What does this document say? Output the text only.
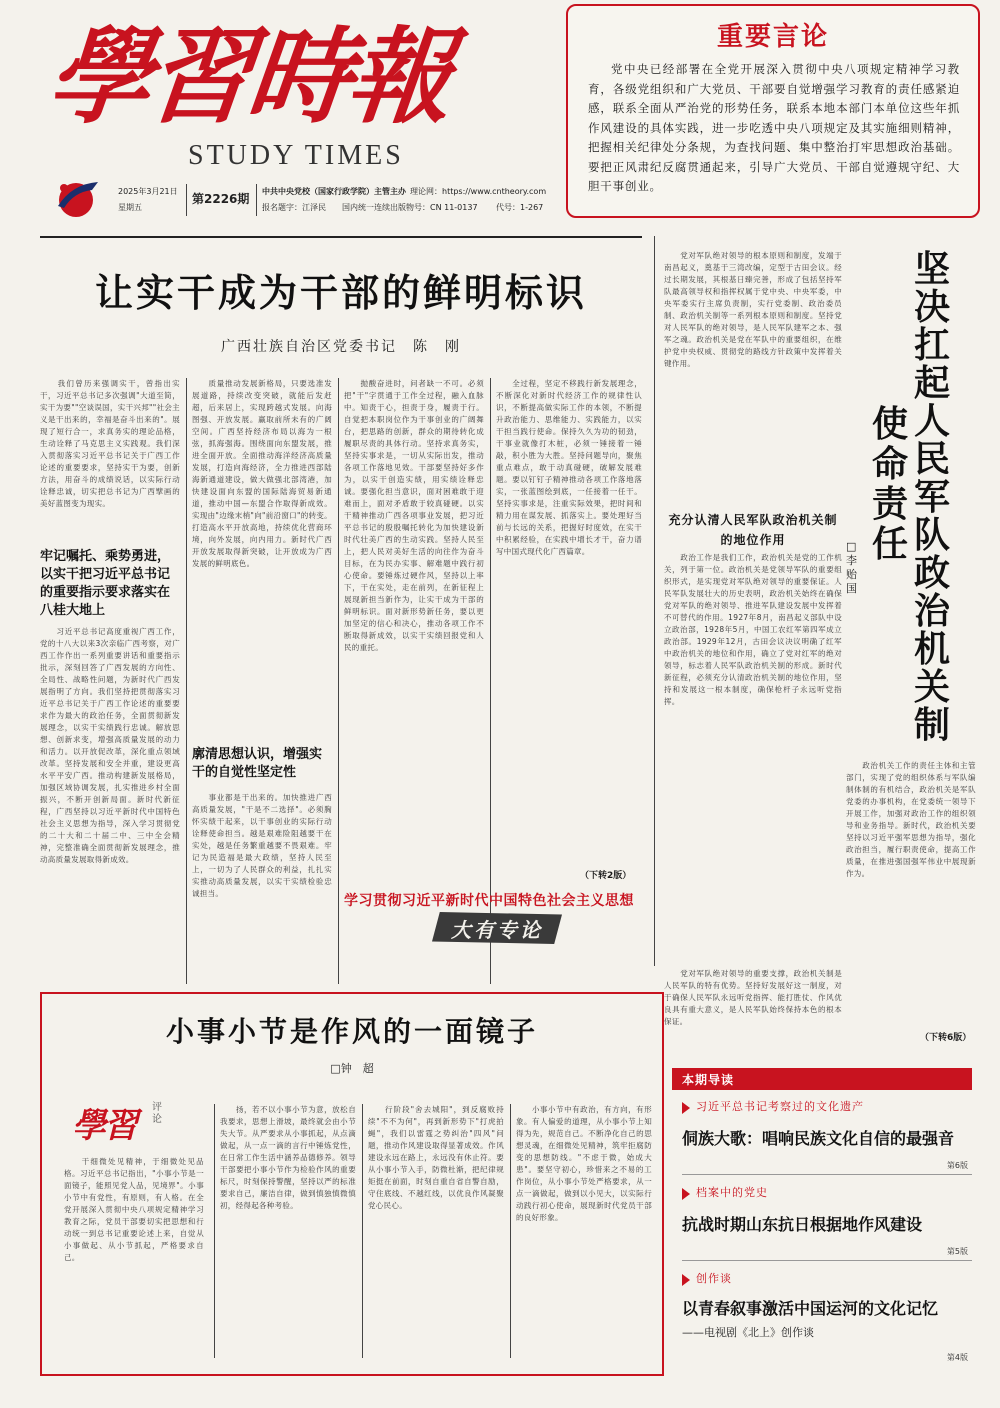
學習時報
STUDY TIMES
2025年3月21日
星期五
第2226期
中共中央党校（国家行政学院）主管主办 理论网：https://www.cntheory.com
报名题字：江泽民 国内统一连续出版物号：CN 11-0137 代号：1-267
重要言论
党中央已经部署在全党开展深入贯彻中央八项规定精神学习教育，各级党组织和广大党员、干部要自觉增强学习教育的责任感紧迫感，联系全面从严治党的形势任务，联系本地本部门本单位这些年抓作风建设的具体实践，进一步吃透中央八项规定及其实施细则精神，把握相关纪律处分条规，为查找问题、集中整治打牢思想政治基础。要把正风肃纪反腐贯通起来，引导广大党员、干部自觉遵规守纪、大胆干事创业。
让实干成为干部的鲜明标识
广西壮族自治区党委书记　陈　刚
　　我们曾历来强调实干，曾指出实干，习近平总书记多次强调"大道至简，实干为要""空谈误国，实干兴邦""社会主义是干出来的，幸福是奋斗出来的"。展现了短行合一，求真务实的理论品格，生动诠释了马克思主义实践观。我们深入贯彻落实习近平总书记关于广西工作论述的重要要求，坚持实干为要，创新方法，用奋斗的成绩说话，以实际行动诠释忠诚，切实把总书记为广西擘画的美好蓝图变为现实。
牢记嘱托、乘势勇进，以实干把习近平总书记的重要指示要求落实在八桂大地上
　　习近平总书记高度重视广西工作，党的十八大以来3次亲临广西考察，对广西工作作出一系列重要讲话和重要指示批示，深刻回答了广西发展的方向性、全局性、战略性问题，为新时代广西发展指明了方向。我们坚持把贯彻落实习近平总书记关于广西工作论述的重要要求作为最大的政治任务，全面贯彻新发展理念，以实干实绩践行忠诚。解放思想、创新求变，增强高质量发展的动力和活力。以开放促改革，深化重点领域改革。坚持发展和安全并重，建设更高水平平安广西。推动构建新发展格局，加强区域协调发展，扎实推进乡村全面振兴，不断开创新局面。新时代新征程，广西坚持以习近平新时代中国特色社会主义思想为指导，深入学习贯彻党的二十大和二十届二中、三中全会精神，完整准确全面贯彻新发展理念，推动高质量发展取得新成效。
　　质量推动发展新格局，只要选准发展道路，持续改变突破，就能后发赶超，后来居上，实现跨越式发展。向海图强、开放发展。赢取前所未有的广阔空间。广西坚持经济布局以海为一根弦，抓海强海。围绕面向东盟发展，推进全面开放。全面推动海洋经济高质量发展，打造向海经济，全力推进西部陆海新通道建设，做大做强北部湾港，加快建设面向东盟的国际陆海贸易新通道，推动中国—东盟合作取得新成效。实现由"边缘末梢"向"前沿窗口"的转变。打造高水平开放高地，持续优化营商环境，向外发展，向内用力。新时代广西开放发展取得新突破，让开放成为广西发展的鲜明底色。
廓清思想认识，增强实干的自觉性坚定性
　　事业都是干出来的。加快推进广西高质量发展，"干是不二选择"。必须胸怀实绩干起来，以干事创业的实际行动诠释使命担当。越是艰难险阻越要干在实处，越是任务繁重越要不畏艰难。牢记为民造福是最大政绩，坚持人民至上，一切为了人民群众的利益，扎扎实实推动高质量发展，以实干实绩检验忠诚担当。
　　抛酸奋进时，问者缺一不可。必须把"干"字贯通于工作全过程，融入血脉中。知责于心，担责于身，履责于行。自觉把本职岗位作为干事创业的广阔舞台，把思路的创新，群众的期待转化成履职尽责的具体行动。坚持求真务实，坚持实事求是，一切从实际出发，推动各项工作落地见效。干部要坚持好多作为，以实干创造实绩，用实绩诠释忠诚。要强化担当意识，面对困难敢于迎难而上，面对矛盾敢于较真碰硬。以实干精神推动广西各项事业发展，把习近平总书记的殷殷嘱托转化为加快建设新时代壮美广西的生动实践。坚持人民至上，把人民对美好生活的向往作为奋斗目标，在为民办实事、解难题中践行初心使命。要锤炼过硬作风，坚持以上率下，干在实处，走在前列，在新征程上展现新担当新作为，让实干成为干部的鲜明标识。面对新形势新任务，要以更加坚定的信心和决心，推动各项工作不断取得新成效，以实干实绩回报党和人民的重托。
　　全过程，坚定不移践行新发展理念，不断深化对新时代经济工作的规律性认识，不断提高做实际工作的本领，不断提升政治能力、思维能力、实践能力，以实干担当践行使命。保持久久为功的韧劲，干事业就像打木桩，必须一锤接着一锤敲，积小胜为大胜。坚持问题导向，聚焦重点难点，敢于动真碰硬，破解发展难题。要以钉钉子精神推动各项工作落地落实，一张蓝图绘到底，一任接着一任干。坚持实事求是，注重实际效果，把时间和精力用在谋发展、抓落实上。要处理好当前与长远的关系，把握好时度效，在实干中积累经验，在实践中增长才干，奋力谱写中国式现代化广西篇章。
（下转2版）
学习贯彻习近平新时代中国特色社会主义思想
大有专论
　　党对军队绝对领导的根本原则和制度，发端于南昌起义，奠基于三湾改编，定型于古田会议。经过长期发展，其根基日臻完善，形成了包括坚持军队最高领导权和指挥权属于党中央、中央军委，中央军委实行主席负责制，实行党委制、政治委员制、政治机关制等一系列根本原则和制度。坚持党对人民军队的绝对领导，是人民军队建军之本、强军之魂。政治机关是党在军队中的重要组织，在维护党中央权威、贯彻党的路线方针政策中发挥着关键作用。
充分认清人民军队政治机关制的地位作用
　　政治工作是我们工作，政治机关是党的工作机关，列于第一位。政治机关是党领导军队的重要组织形式，是实现党对军队绝对领导的重要保证。人民军队发展壮大的历史表明，政治机关始终在确保党对军队的绝对领导、推进军队建设发展中发挥着不可替代的作用。1927年8月，南昌起义部队中设立政治部，1928年5月，中国工农红军第四军成立政治部。1929年12月，古田会议决议明确了红军中政治机关的地位和作用，确立了党对红军的绝对领导，标志着人民军队政治机关制的形成。新时代新征程，必须充分认清政治机关制的地位作用，坚持和发展这一根本制度，确保枪杆子永远听党指挥。
坚决扛起人民军队政治机关制
使命责任
□李贻国
　　政治机关工作的责任主体和主管部门，实现了党的组织体系与军队编制体制的有机结合，政治机关是军队党委的办事机构，在党委统一领导下开展工作，加强对政治工作的组织领导和业务指导。新时代，政治机关要坚持以习近平强军思想为指导，强化政治担当，履行职责使命，提高工作质量，在推进强国强军伟业中展现新作为。
（下转6版）
　　党对军队绝对领导的重要支撑，政治机关制是人民军队的特有优势。坚持好发展好这一制度，对于确保人民军队永远听党指挥、能打胜仗、作风优良具有重大意义，是人民军队始终保持本色的根本保证。
小事小节是作风的一面镜子
□钟　超
學習 评论
　　干细微处见精神，于细微处见品格。习近平总书记指出，"小事小节是一面镜子，能照见党人品，见境界"。小事小节中有党性，有原则，有人格。在全党开展深入贯彻中央八项规定精神学习教育之际，党员干部要切实把思想和行动统一到总书记重要论述上来，自觉从小事做起、从小节抓起，严格要求自己。
　　扬，若不以小事小节为意，放松自我要求，思想上滑坡，最终就会由小节失大节。从严要求从小事抓起，从点滴做起，从一点一滴的言行中锤炼党性，在日常工作生活中涵养品德修养。领导干部要把小事小节作为检验作风的重要标尺，时刻保持警醒，坚持以严的标准要求自己，廉洁自律，做到慎独慎微慎初，经得起各种考验。
　　行阶段"舍去城阳"，到反腐败持续"不不为何"，再到新形势下"打虎拍蝇"，我们以雷霆之势纠治"四风"问题，推动作风建设取得显著成效。作风建设永远在路上，永远没有休止符。要从小事小节入手，防微杜渐，把纪律规矩挺在前面，时刻自重自省自警自励，守住底线、不越红线，以优良作风凝聚党心民心。
　　小事小节中有政治，有方向，有形象。有人偏爱的道理，从小事小节上知得为先，规范自己。不断净化自己的思想灵魂，在细微处见精神，筑牢拒腐防变的思想防线。"不虑于微，始成大患"。要坚守初心，珍惜来之不易的工作岗位，从小事小节处严格要求，从一点一滴做起，做到以小见大，以实际行动践行初心使命，展现新时代党员干部的良好形象。
本期导读
习近平总书记考察过的文化遗产
侗族大歌：唱响民族文化自信的最强音
第6版
档案中的党史
抗战时期山东抗日根据地作风建设
第5版
创作谈
以青春叙事激活中国运河的文化记忆
——电视剧《北上》创作谈
第4版
